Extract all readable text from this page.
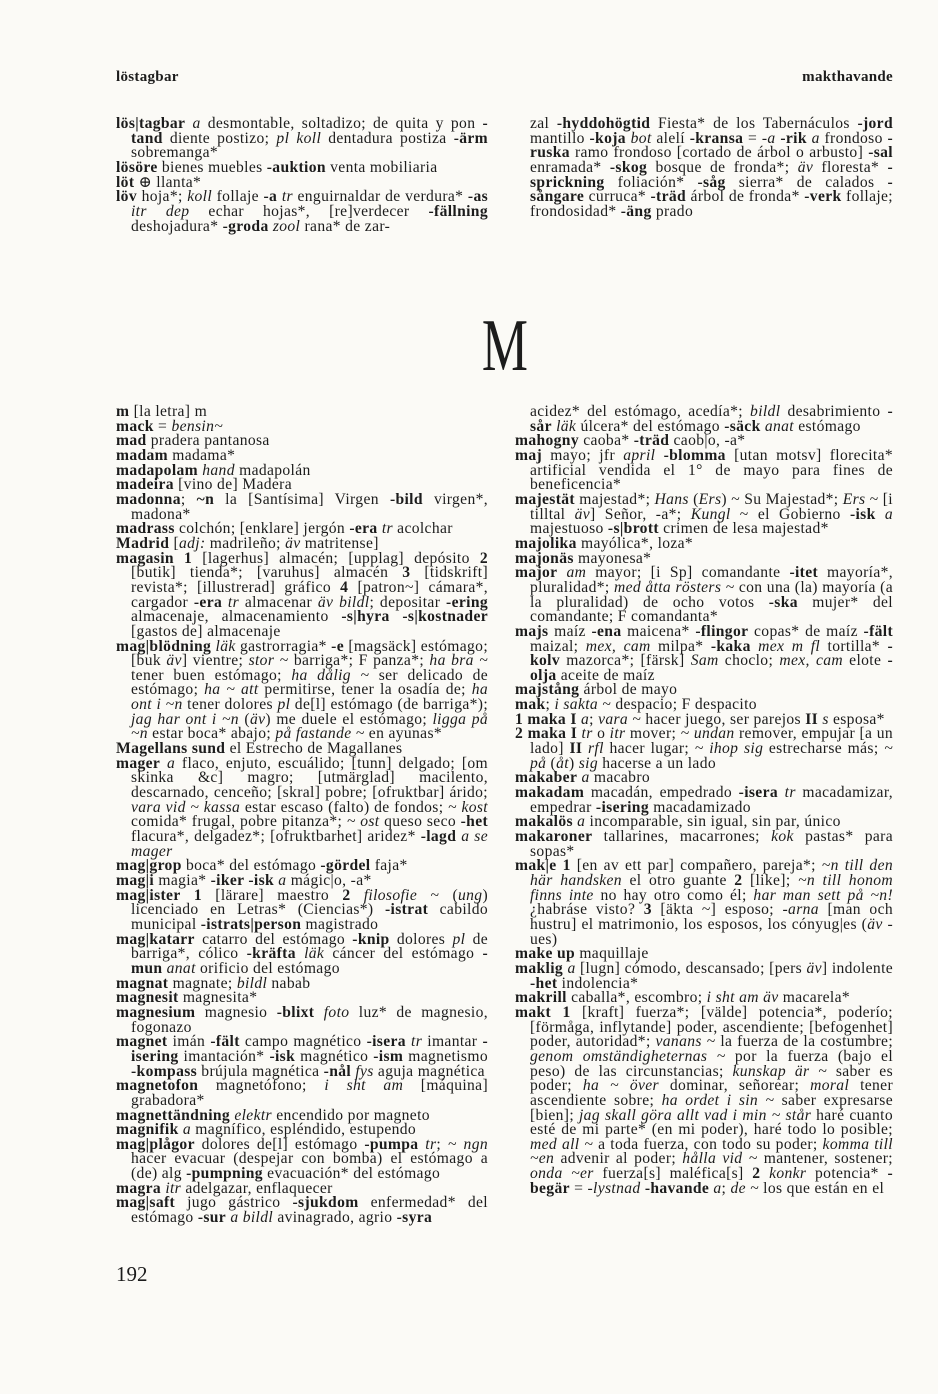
löstagbar	makthavande

lös|tagbar a desmontable, soltadizo; de quita y pon -tand diente postizo; pl koll dentadura postiza -ärm sobremanga*

lösöre bienes muebles -auktion venta mobiliaria

löt ⊕ llanta*

löv hoja*; koll follaje -a tr enguirnaldar de verdura* -as itr dep echar hojas*, [re]verdecer -fällning deshojadura* -groda zool rana* de zar-

zal -hyddohögtid Fiesta* de los Tabernáculos -jord mantillo -koja bot alelí -kransa = -a -rik a frondoso -ruska ramo frondoso [cortado de árbol o arbusto] -sal enramada* -skog bosque de fronda*; äv floresta* -sprickning foliación* -såg sierra* de calados -sångare curruca* -träd árbol de fronda* -verk follaje; frondosidad* -äng prado

M

m [la letra] m

mack = bensin~

mad pradera pantanosa

madam madama*

madapolam hand madapolán

madeira [vino de] Madera

madonna; ~n la [Santísima] Virgen -bild virgen*, madona*

madrass colchón; [enklare] jergón -era tr acolchar

Madrid [adj: madrileño; äv matritense]

magasin 1 [lagerhus] almacén; [upplag] depósito 2 [butik] tienda*; [varuhus] almacén 3 [tidskrift] revista*; [illustrerad] gráfico 4 [patron~] cámara*, cargador -era tr almacenar äv bildl; depositar -ering almacenaje, almacenamiento -s|hyra -s|kostnader [gastos de] almacenaje

mag|blödning läk gastrorragia* -e [magsäck] estómago; [buk äv] vientre; stor ~ barriga*; F panza*; ha bra ~ tener buen estómago; ha dålig ~ ser delicado de estómago; ha ~ att permitirse, tener la osadía de; ha ont i ~n tener dolores pl de[l] estómago (de barriga*); jag har ont i ~n (äv) me duele el estómago; ligga på ~n estar boca* abajo; på fastande ~ en ayunas*

Magellans sund el Estrecho de Magallanes

mager a flaco, enjuto, escuálido; [tunn] delgado; [om skinka &c] magro; [utmärglad] macilento, descarnado, cenceño; [skral] pobre; [ofruktbar] árido; vara vid ~ kassa estar escaso (falto) de fondos; ~ kost comida* frugal, pobre pitanza*; ~ ost queso seco -het flacura*, delgadez*; [ofruktbarhet] aridez* -lagd a se mager

mag|grop boca* del estómago -gördel faja*

mag|i magia* -iker -isk a mágic|o, -a*

mag|ister 1 [lärare] maestro 2 filosofie ~ (ung) licenciado en Letras* (Ciencias*) -istrat cabildo municipal -istrats|person magistrado

mag|katarr catarro del estómago -knip dolores pl de barriga*, cólico -kräfta läk cáncer del estómago -mun anat orificio del estómago

magnat magnate; bildl nabab

magnesit magnesita*

magnesium magnesio -blixt foto luz* de magnesio, fogonazo

magnet imán -fält campo magnético -isera tr imantar -isering imantación* -isk magnético -ism magnetismo -kompass brújula magnética -nål fys aguja magnética

magnetofon magnetófono; i sht am [máquina] grabadora*

magnettändning elektr encendido por magneto

magnifik a magnífico, espléndido, estupendo

mag|plågor dolores de[l] estómago -pumpa tr; ~ ngn hacer evacuar (despejar con bomba) el estómago a (de) alg -pumpning evacuación* del estómago

magra itr adelgazar, enflaquecer

mag|saft jugo gástrico -sjukdom enfermedad* del estómago -sur a bildl avinagrado, agrio -syra

acidez* del estómago, acedía*; bildl desabrimiento -sår läk úlcera* del estómago -säck anat estómago

mahogny caoba* -träd caob|o, -a*

maj mayo; jfr april -blomma [utan motsv] florecita* artificial vendida el 1° de mayo para fines de beneficencia*

majestät majestad*; Hans (Ers) ~ Su Majestad*; Ers ~ [i tilltal äv] Señor, -a*; Kungl ~ el Gobierno -isk a majestuoso -s|brott crimen de lesa majestad*

majolika mayólica*, loza*

majonäs mayonesa*

major am mayor; [i Sp] comandante -itet mayoría*, pluralidad*; med åtta rösters ~ con una (la) mayoría (a la pluralidad) de ocho votos -ska mujer* del comandante; F comandanta*

majs maíz -ena maicena* -flingor copas* de maíz -fält maizal; mex, cam milpa* -kaka mex m fl tortilla* -kolv mazorca*; [färsk] Sam choclo; mex, cam elote -olja aceite de maíz

majstång árbol de mayo

mak; i sakta ~ despacio; F despacito

1 maka I a; vara ~ hacer juego, ser parejos II s esposa*

2 maka I tr o itr mover; ~ undan remover, empujar [a un lado] II rfl hacer lugar; ~ ihop sig estrecharse más; ~ på (åt) sig hacerse a un lado

makaber a macabro

makadam macadán, empedrado -isera tr macadamizar, empedrar -isering macadamizado

makalös a incomparable, sin igual, sin par, único

makaroner tallarines, macarrones; kok pastas* para sopas*

mak|e 1 [en av ett par] compañero, pareja*; ~n till den här handsken el otro guante 2 [like]; ~n till honom finns inte no hay otro como él; har man sett på ~n! ¿habráse visto? 3 [äkta ~] esposo; -arna [man och hustru] el matrimonio, los esposos, los cónyug|es (äv -ues)

make up maquillaje

maklig a [lugn] cómodo, descansado; [pers äv] indolente -het indolencia*

makrill caballa*, escombro; i sht am äv macarela*

makt 1 [kraft] fuerza*; [välde] potencia*, poderío; [förmåga, inflytande] poder, ascendiente; [befogenhet] poder, autoridad*; vanans ~ la fuerza de la costumbre; genom omständigheternas ~ por la fuerza (bajo el peso) de las circunstancias; kunskap är ~ saber es poder; ha ~ över dominar, señorear; moral tener ascendiente sobre; ha ordet i sin ~ saber expresarse [bien]; jag skall göra allt vad i min ~ står haré cuanto esté de mi parte* (en mi poder), haré todo lo posible; med all ~ a toda fuerza, con todo su poder; komma till ~en advenir al poder; hålla vid ~ mantener, sostener; onda ~er fuerza[s] maléfica[s] 2 konkr potencia* -begär = -lystnad -havande a; de ~ los que están en el

192
